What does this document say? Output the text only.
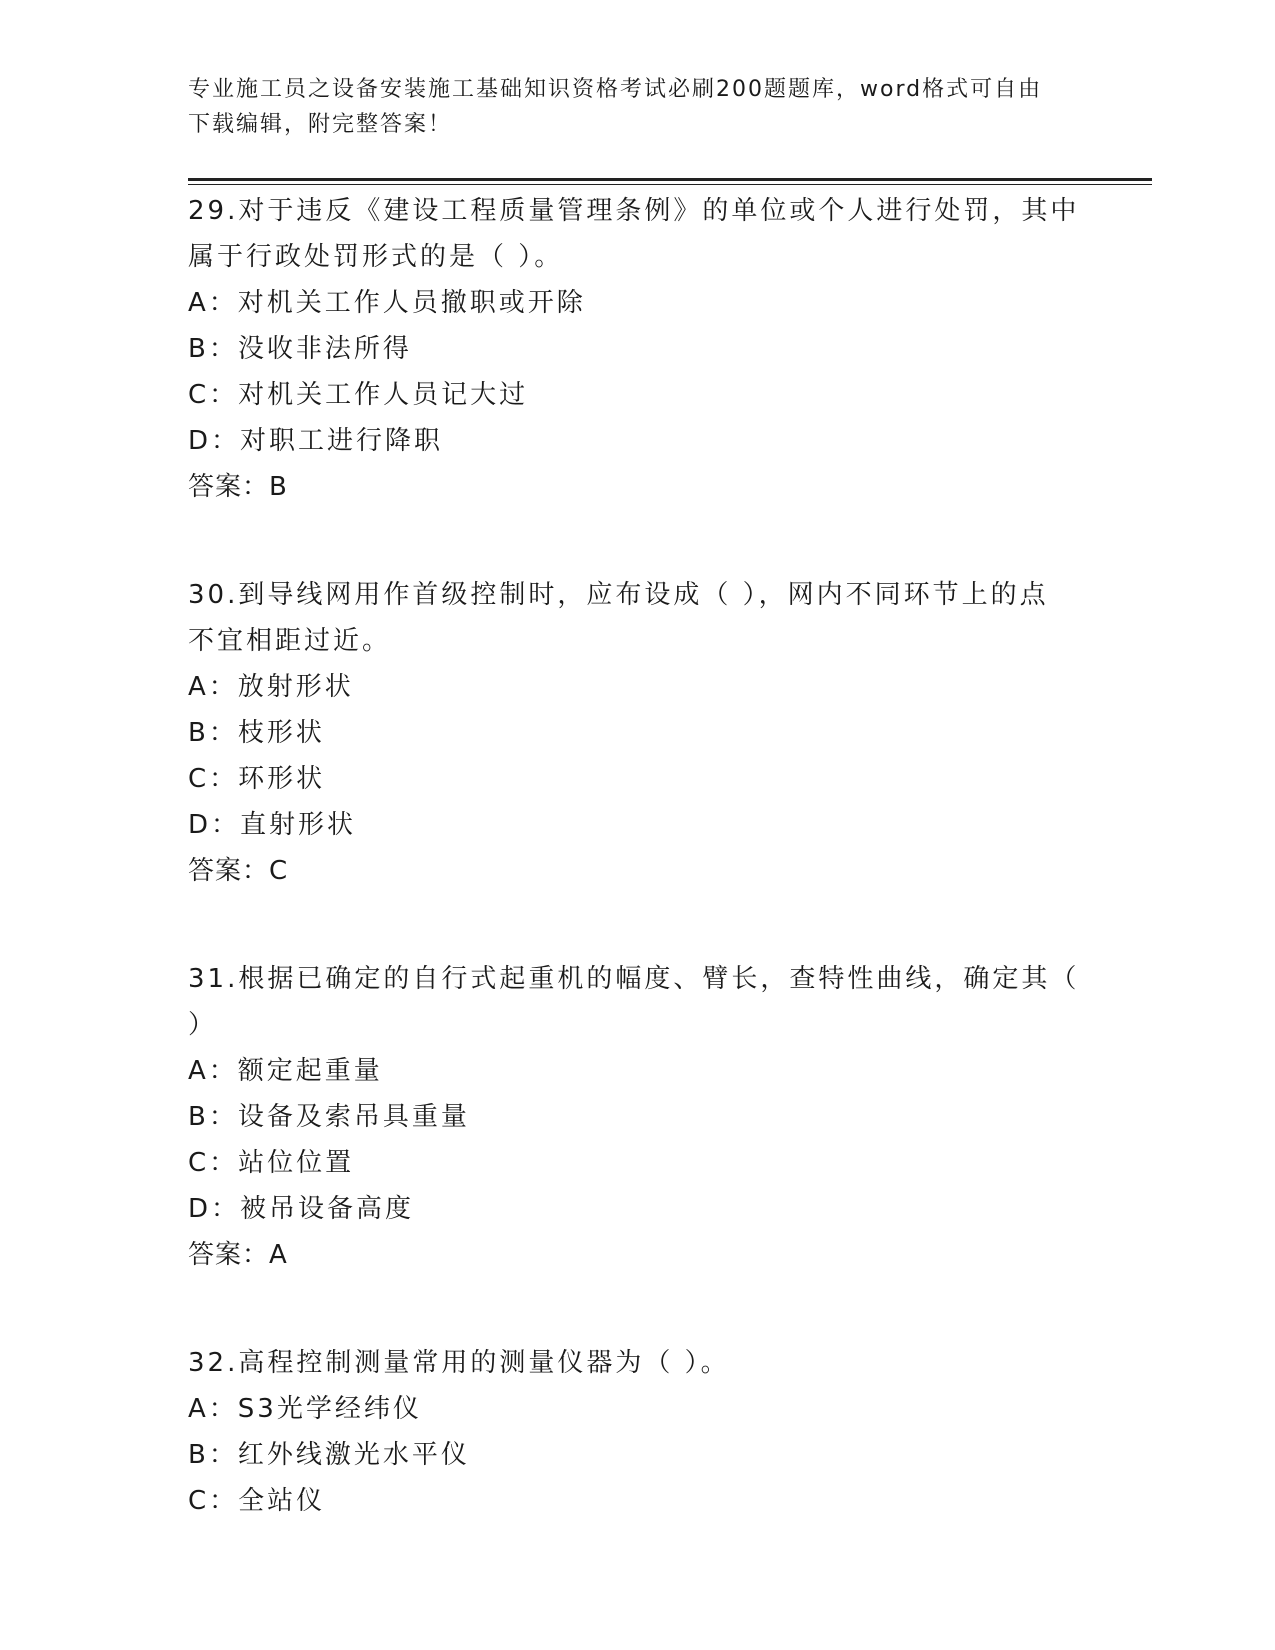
专业施工员之设备安装施工基础知识资格考试必刷200题题库，word格式可自由
下载编辑，附完整答案！

29.对于违反《建设工程质量管理条例》的单位或个人进行处罚，其中

属于行政处罚形式的是（ ）。

A：对机关工作人员撤职或开除

B：没收非法所得

C：对机关工作人员记大过

D：对职工进行降职

答案：B

30.到导线网用作首级控制时，应布设成（ ），网内不同环节上的点

不宜相距过近。

A：放射形状

B：枝形状

C：环形状

D：直射形状

答案：C

31.根据已确定的自行式起重机的幅度、臂长，查特性曲线，确定其（

）

A：额定起重量

B：设备及索吊具重量

C：站位位置

D：被吊设备高度

答案：A

32.高程控制测量常用的测量仪器为（ ）。

A：S3光学经纬仪

B：红外线激光水平仪

C：全站仪
